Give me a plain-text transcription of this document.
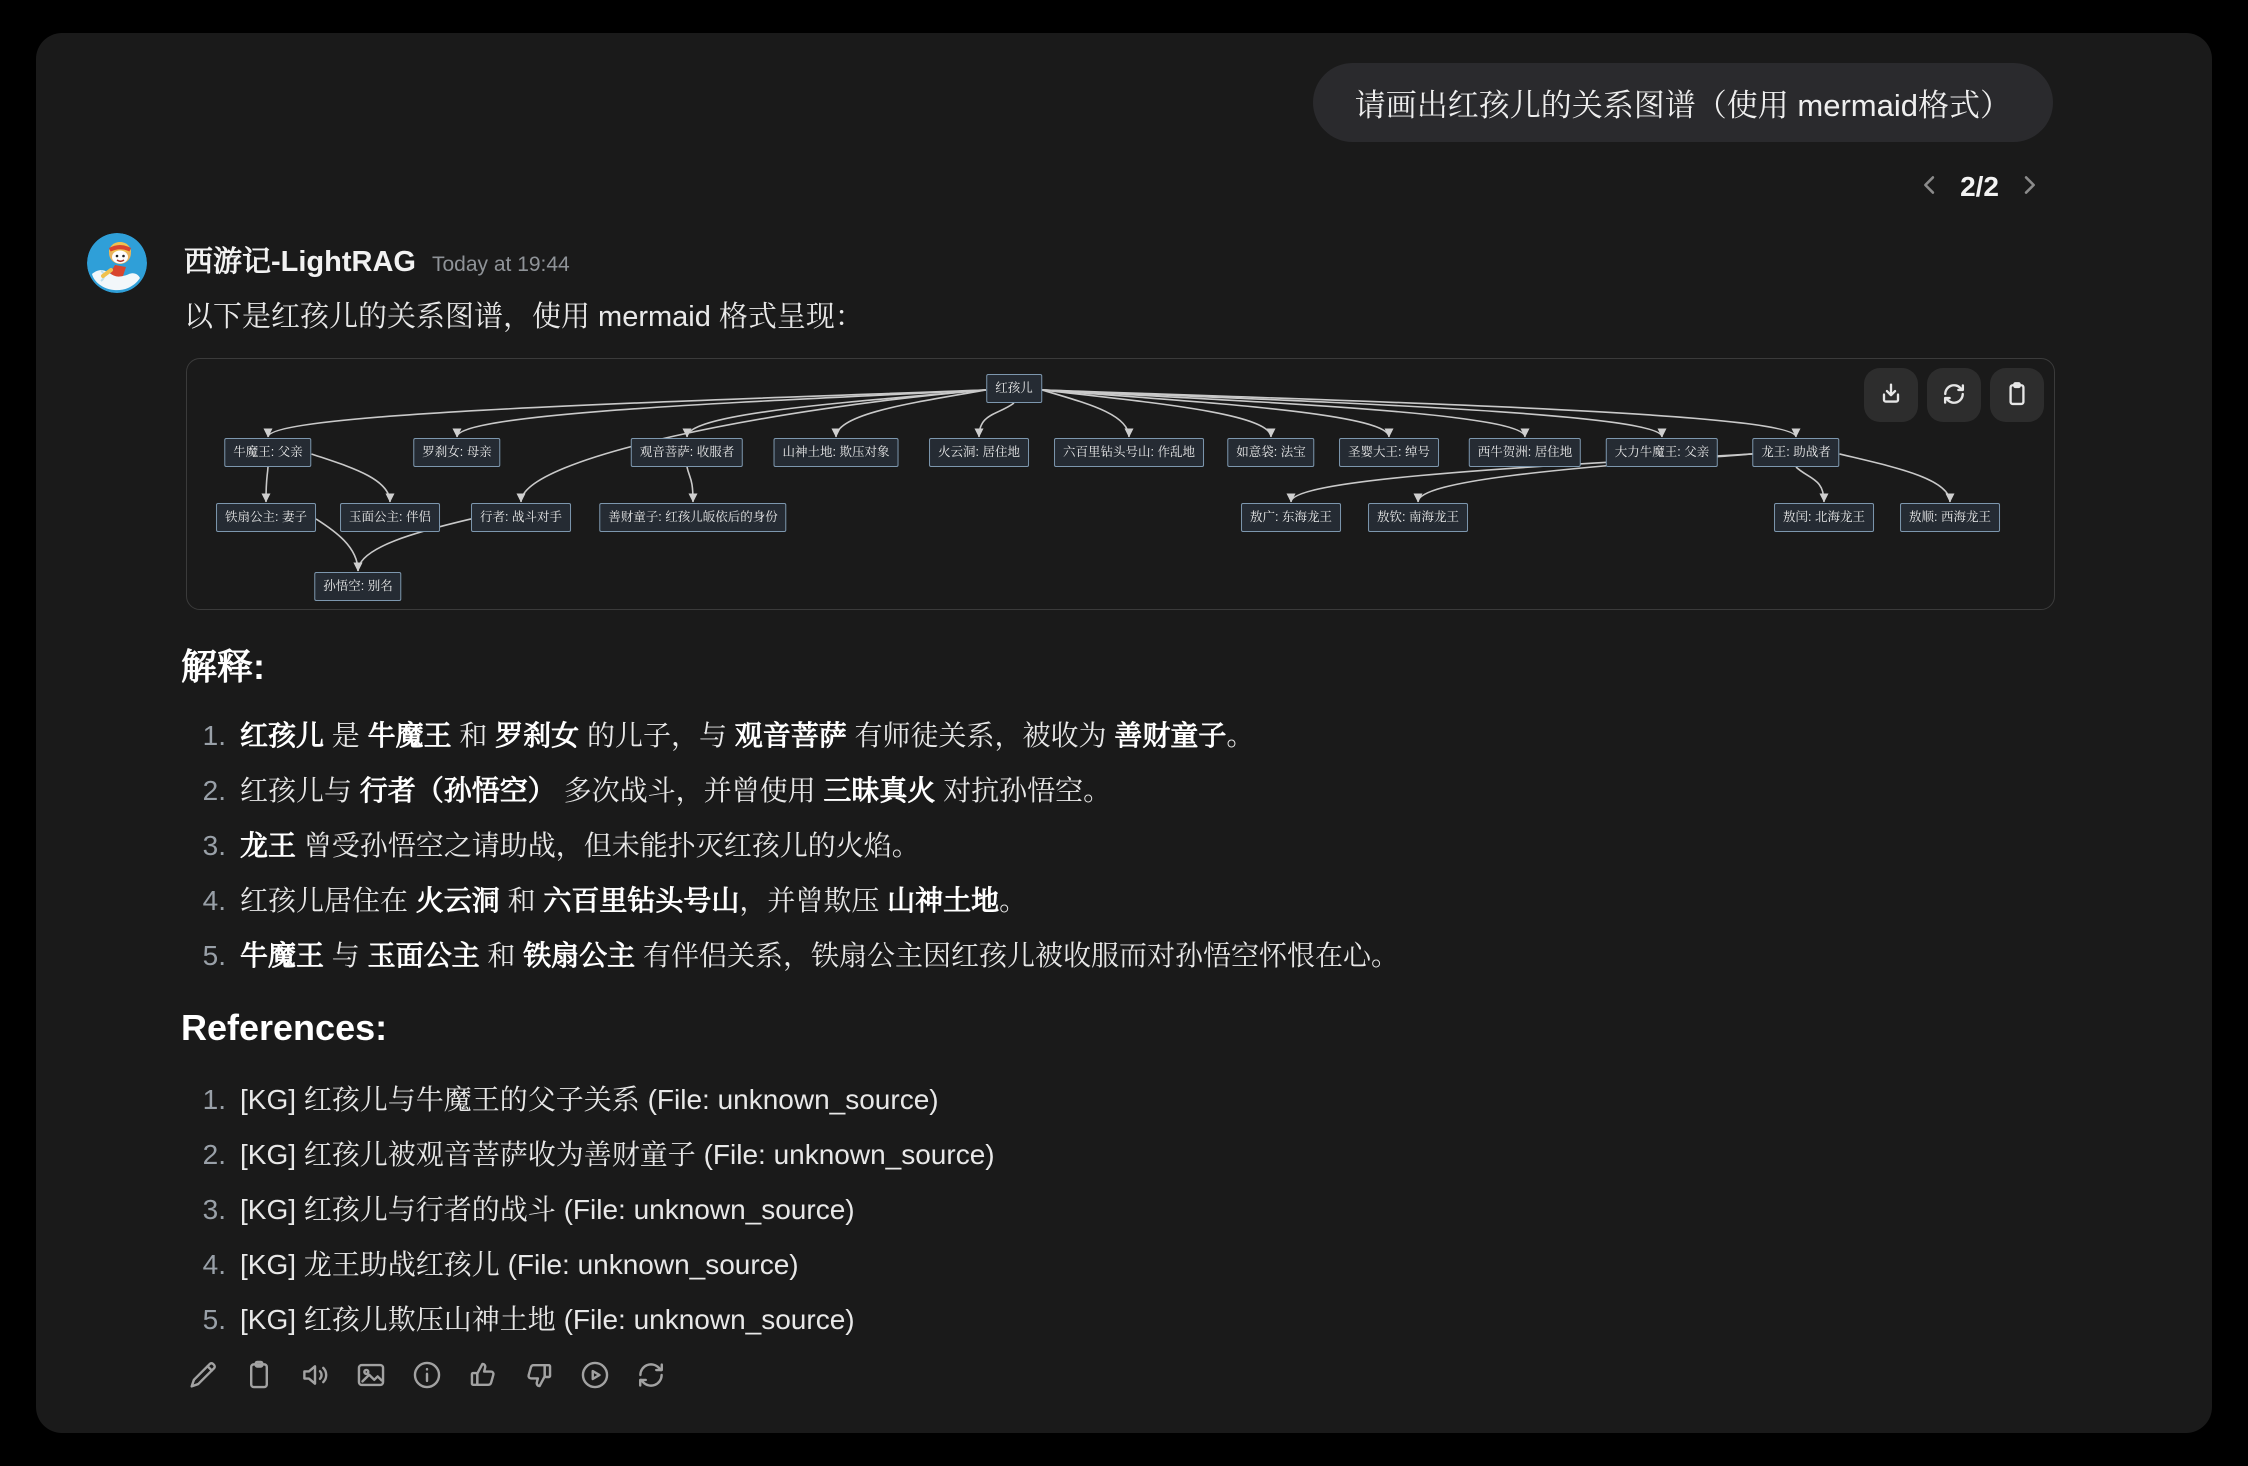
请画出红孩儿的关系图谱（使用 mermaid格式）
2/2
西游记-LightRAG Today at 19:44
以下是红孩儿的关系图谱，使用 mermaid 格式呈现：
红孩儿
牛魔王: 父亲	罗刹女: 母亲	观音菩萨: 收服者	山神土地: 欺压对象	火云洞: 居住地	六百里钻头号山: 作乱地	如意袋: 法宝	圣婴大王: 绰号	西牛贺洲: 居住地	大力牛魔王: 父亲	龙王: 助战者
铁扇公主: 妻子	玉面公主: 伴侣	行者: 战斗对手	善财童子: 红孩儿皈依后的身份	敖广: 东海龙王	敖钦: 南海龙王	敖闰: 北海龙王	敖顺: 西海龙王
孙悟空: 别名
解释:
1. 红孩儿 是 牛魔王 和 罗刹女 的儿子，与 观音菩萨 有师徒关系，被收为 善财童子。
2. 红孩儿与 行者（孙悟空） 多次战斗，并曾使用 三昧真火 对抗孙悟空。
3. 龙王 曾受孙悟空之请助战，但未能扑灭红孩儿的火焰。
4. 红孩儿居住在 火云洞 和 六百里钻头号山，并曾欺压 山神土地。
5. 牛魔王 与 玉面公主 和 铁扇公主 有伴侣关系，铁扇公主因红孩儿被收服而对孙悟空怀恨在心。
References:
1. [KG] 红孩儿与牛魔王的父子关系 (File: unknown_source)
2. [KG] 红孩儿被观音菩萨收为善财童子 (File: unknown_source)
3. [KG] 红孩儿与行者的战斗 (File: unknown_source)
4. [KG] 龙王助战红孩儿 (File: unknown_source)
5. [KG] 红孩儿欺压山神土地 (File: unknown_source)
